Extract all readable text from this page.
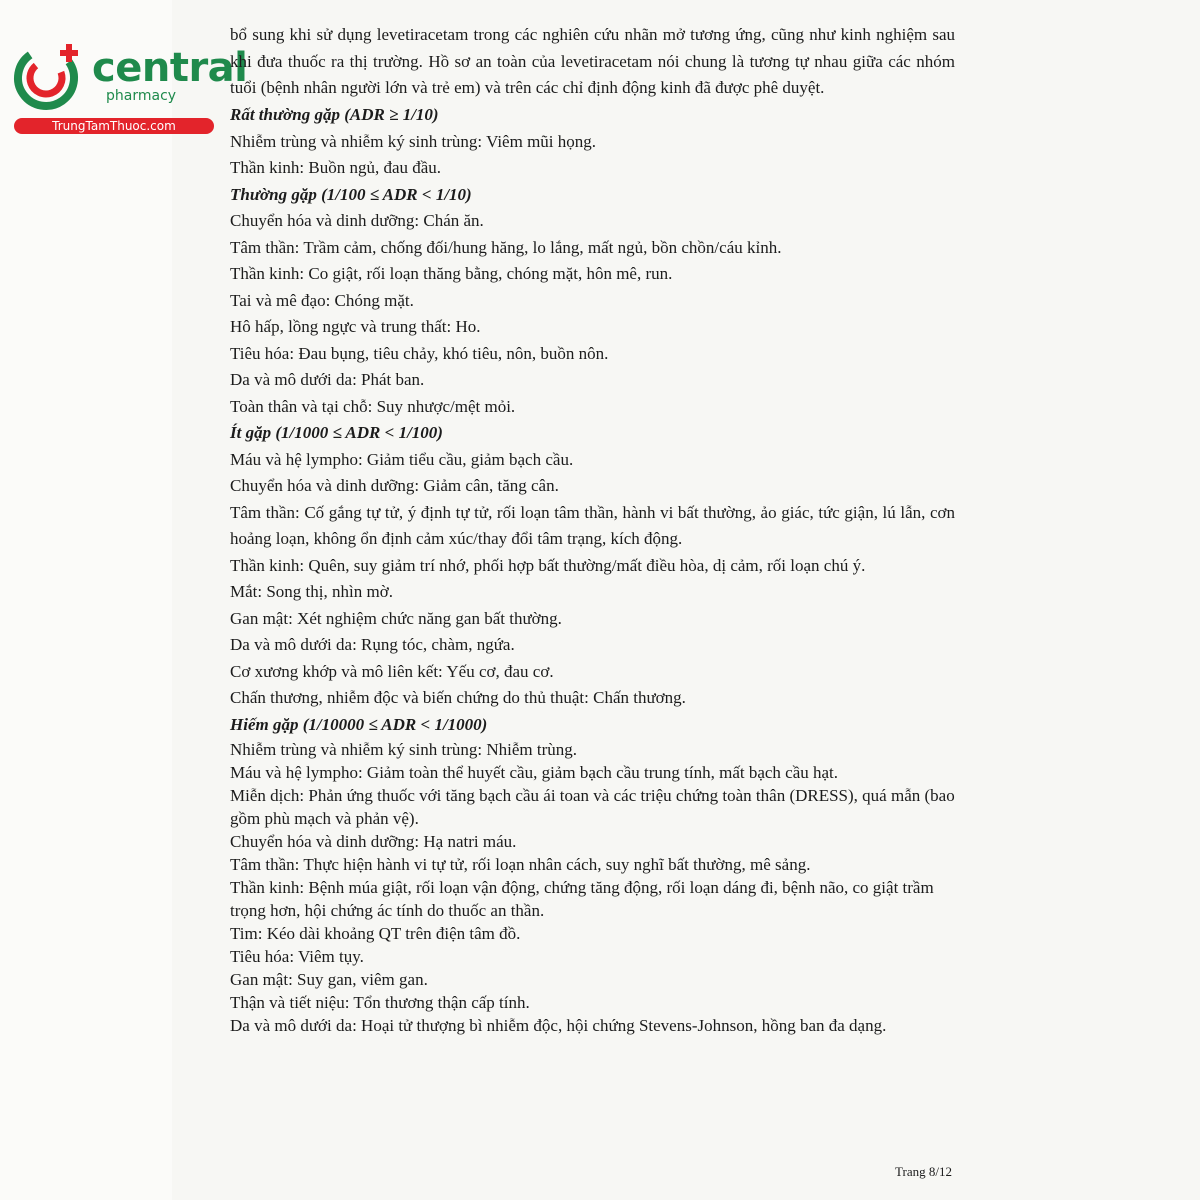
central
pharmacy
TrungTamThuoc.com

bổ sung khi sử dụng levetiracetam trong các nghiên cứu nhãn mở tương ứng, cũng như kinh nghiệm sau khi đưa thuốc ra thị trường. Hồ sơ an toàn của levetiracetam nói chung là tương tự nhau giữa các nhóm tuổi (bệnh nhân người lớn và trẻ em) và trên các chỉ định động kinh đã được phê duyệt.

Rất thường gặp (ADR ≥ 1/10)

Nhiễm trùng và nhiễm ký sinh trùng: Viêm mũi họng.

Thần kinh: Buồn ngủ, đau đầu.

Thường gặp (1/100 ≤ ADR < 1/10)

Chuyển hóa và dinh dưỡng: Chán ăn.

Tâm thần: Trầm cảm, chống đối/hung hăng, lo lắng, mất ngủ, bồn chồn/cáu kỉnh.

Thần kinh: Co giật, rối loạn thăng bằng, chóng mặt, hôn mê, run.

Tai và mê đạo: Chóng mặt.

Hô hấp, lồng ngực và trung thất: Ho.

Tiêu hóa: Đau bụng, tiêu chảy, khó tiêu, nôn, buồn nôn.

Da và mô dưới da: Phát ban.

Toàn thân và tại chỗ: Suy nhược/mệt mỏi.

Ít gặp (1/1000 ≤ ADR < 1/100)

Máu và hệ lympho: Giảm tiểu cầu, giảm bạch cầu.

Chuyển hóa và dinh dưỡng: Giảm cân, tăng cân.

Tâm thần: Cố gắng tự tử, ý định tự tử, rối loạn tâm thần, hành vi bất thường, ảo giác, tức giận, lú lẫn, cơn hoảng loạn, không ổn định cảm xúc/thay đổi tâm trạng, kích động.

Thần kinh: Quên, suy giảm trí nhớ, phối hợp bất thường/mất điều hòa, dị cảm, rối loạn chú ý.

Mắt: Song thị, nhìn mờ.

Gan mật: Xét nghiệm chức năng gan bất thường.

Da và mô dưới da: Rụng tóc, chàm, ngứa.

Cơ xương khớp và mô liên kết: Yếu cơ, đau cơ.

Chấn thương, nhiễm độc và biến chứng do thủ thuật: Chấn thương.

Hiếm gặp (1/10000 ≤ ADR < 1/1000)

Nhiễm trùng và nhiễm ký sinh trùng: Nhiễm trùng.

Máu và hệ lympho: Giảm toàn thể huyết cầu, giảm bạch cầu trung tính, mất bạch cầu hạt.

Miễn dịch: Phản ứng thuốc với tăng bạch cầu ái toan và các triệu chứng toàn thân (DRESS), quá mẫn (bao gồm phù mạch và phản vệ).

Chuyển hóa và dinh dưỡng: Hạ natri máu.

Tâm thần: Thực hiện hành vi tự tử, rối loạn nhân cách, suy nghĩ bất thường, mê sảng.

Thần kinh: Bệnh múa giật, rối loạn vận động, chứng tăng động, rối loạn dáng đi, bệnh não, co giật trầm trọng hơn, hội chứng ác tính do thuốc an thần.

Tim: Kéo dài khoảng QT trên điện tâm đồ.

Tiêu hóa: Viêm tụy.

Gan mật: Suy gan, viêm gan.

Thận và tiết niệu: Tổn thương thận cấp tính.

Da và mô dưới da: Hoại tử thượng bì nhiễm độc, hội chứng Stevens-Johnson, hồng ban đa dạng.

Trang 8/12
